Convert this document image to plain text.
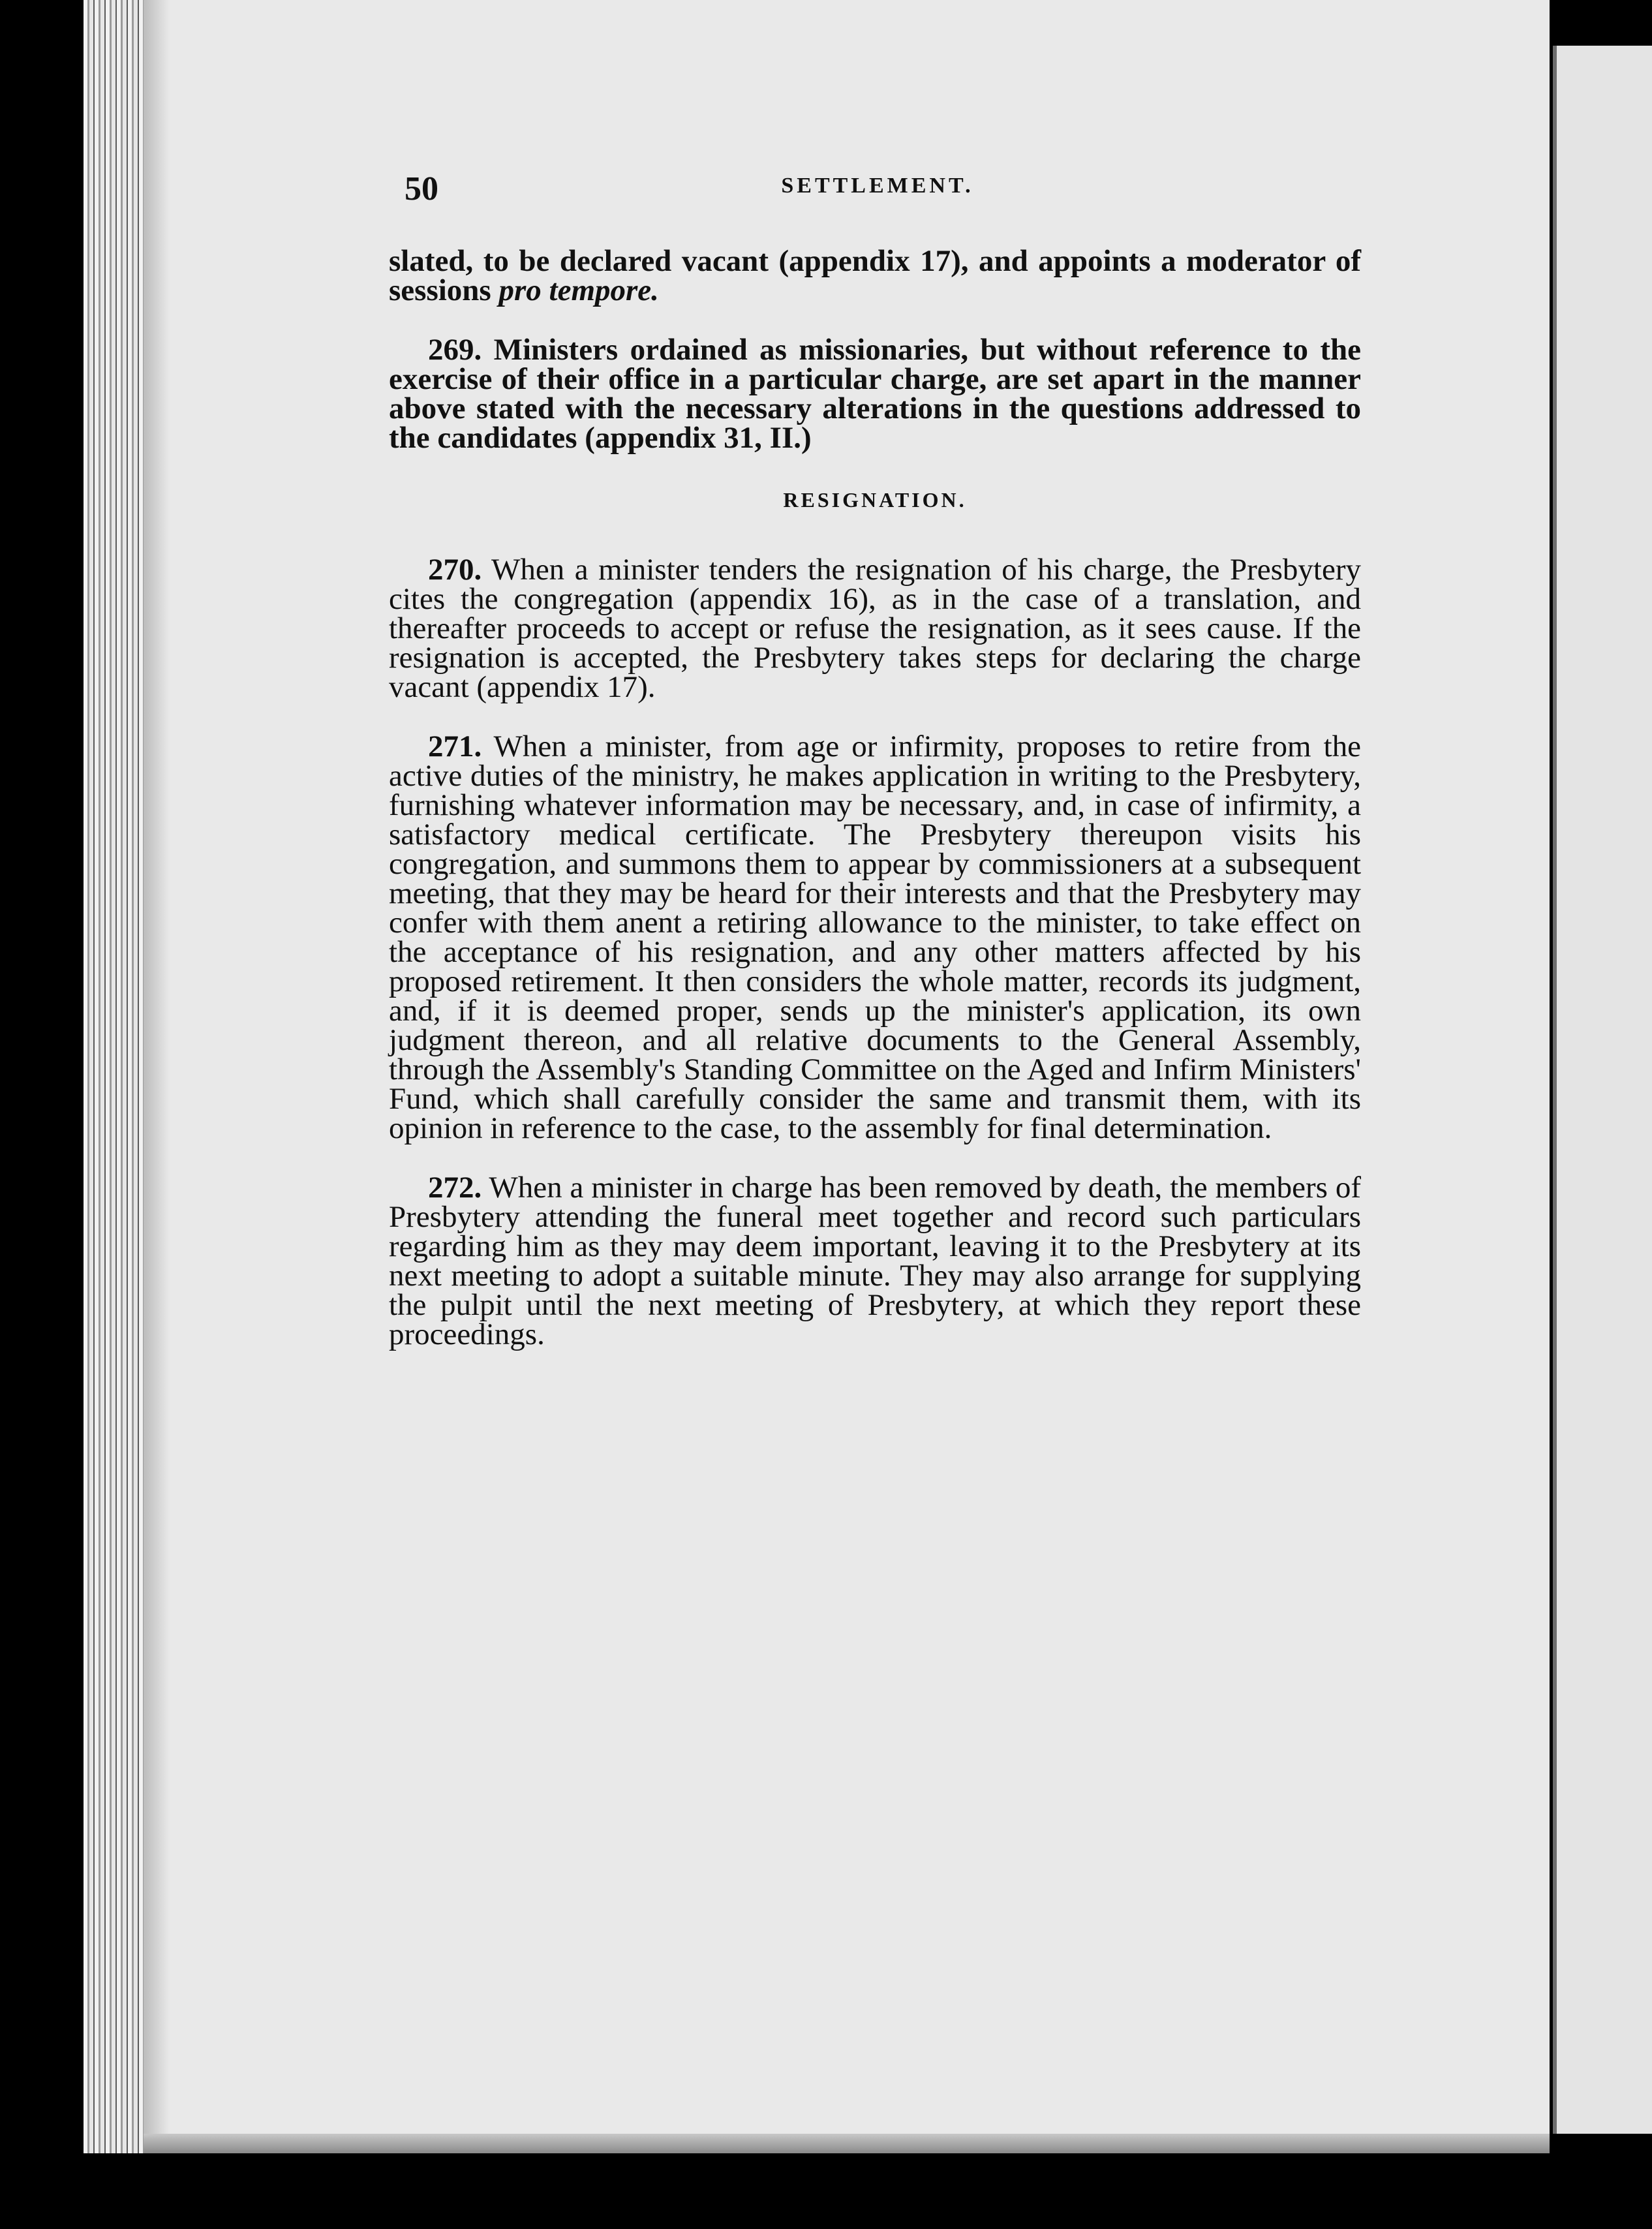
50	SETTLEMENT.

slated, to be declared vacant (appendix 17), and appoints a moderator of sessions pro tempore.

269. Ministers ordained as missionaries, but without reference to the exercise of their office in a particular charge, are set apart in the manner above stated with the necessary alterations in the questions addressed to the candidates (appendix 31, II.)

RESIGNATION.

270. When a minister tenders the resignation of his charge, the Presbytery cites the congregation (appendix 16), as in the case of a translation, and thereafter proceeds to accept or refuse the resignation, as it sees cause. If the resignation is accepted, the Presbytery takes steps for declaring the charge vacant (appendix 17).

271. When a minister, from age or infirmity, proposes to retire from the active duties of the ministry, he makes application in writing to the Presbytery, furnishing whatever information may be necessary, and, in case of infirmity, a satisfactory medical certificate. The Presbytery thereupon visits his congregation, and summons them to appear by commissioners at a subsequent meeting, that they may be heard for their interests and that the Presbytery may confer with them anent a retiring allowance to the minister, to take effect on the acceptance of his resignation, and any other matters affected by his proposed retirement. It then considers the whole matter, records its judgment, and, if it is deemed proper, sends up the minister's application, its own judgment thereon, and all relative documents to the General Assembly, through the Assembly's Standing Committee on the Aged and Infirm Ministers' Fund, which shall carefully consider the same and transmit them, with its opinion in reference to the case, to the assembly for final determination.

272. When a minister in charge has been removed by death, the members of Presbytery attending the funeral meet together and record such particulars regarding him as they may deem important, leaving it to the Presbytery at its next meeting to adopt a suitable minute. They may also arrange for supplying the pulpit until the next meeting of Presbytery, at which they report these proceedings.
